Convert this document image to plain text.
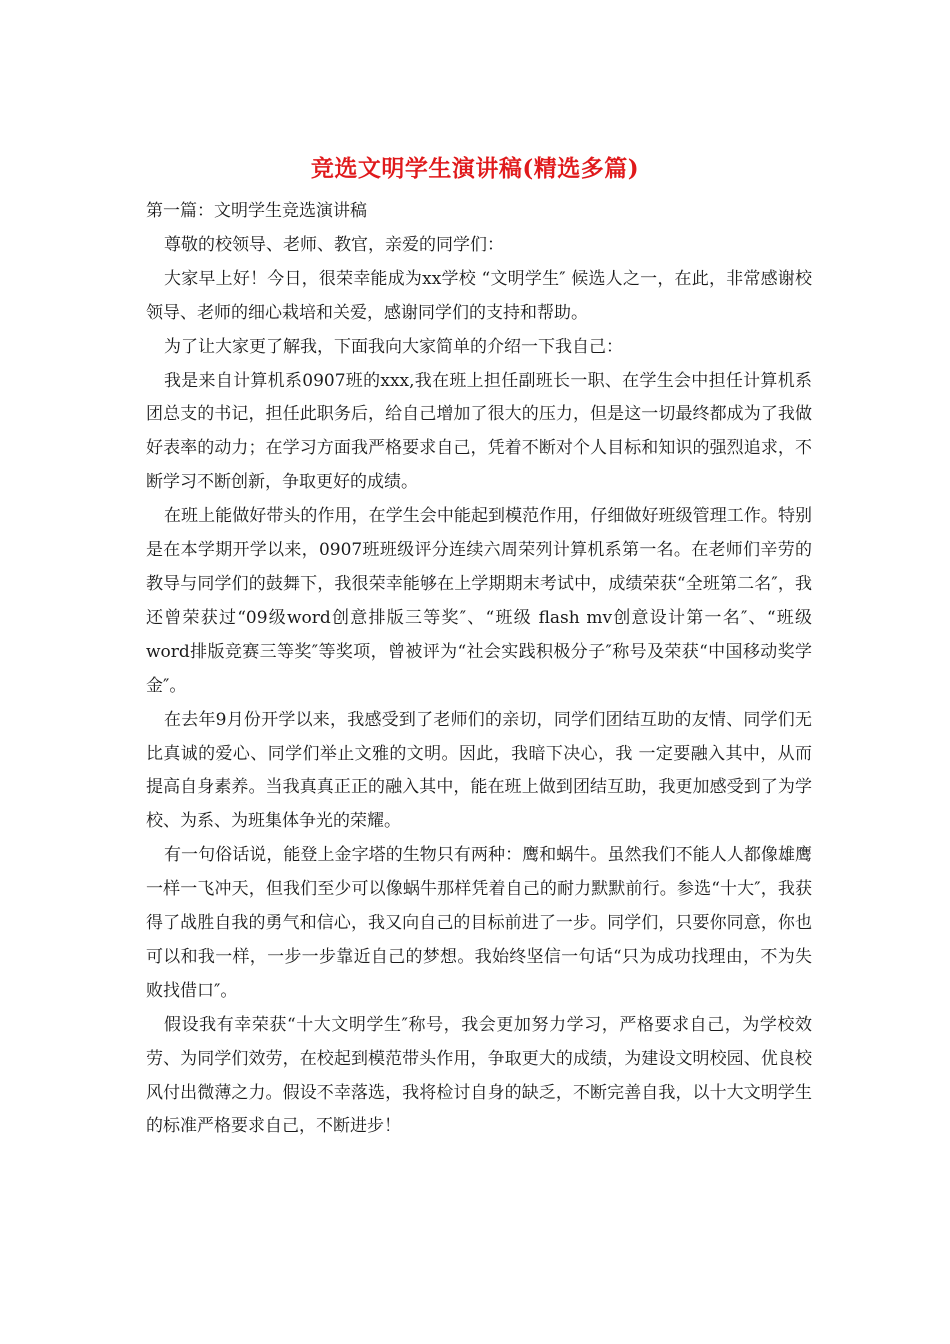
竞选文明学生演讲稿(精选多篇)

第一篇：文明学生竞选演讲稿

尊敬的校领导、老师、教官，亲爱的同学们：

大家早上好！今日，很荣幸能成为xx学校 “文明学生″ 候选人之一，在此，非常感谢校领导、老师的细心栽培和关爱，感谢同学们的支持和帮助。

为了让大家更了解我，下面我向大家简单的介绍一下我自己：

我是来自计算机系0907班的xxx,我在班上担任副班长一职、在学生会中担任计算机系团总支的书记，担任此职务后，给自己增加了很大的压力，但是这一切最终都成为了我做好表率的动力；在学习方面我严格要求自己，凭着不断对个人目标和知识的强烈追求，不断学习不断创新，争取更好的成绩。

在班上能做好带头的作用，在学生会中能起到模范作用，仔细做好班级管理工作。特别是在本学期开学以来，0907班班级评分连续六周荣列计算机系第一名。在老师们辛劳的教导与同学们的鼓舞下，我很荣幸能够在上学期期末考试中，成绩荣获“全班第二名″，我还曾荣获过“09级word创意排版三等奖″、“班级 flash mv创意设计第一名″、“班级 word排版竞赛三等奖″等奖项，曾被评为“社会实践积极分子″称号及荣获“中国移动奖学金″。

在去年9月份开学以来，我感受到了老师们的亲切，同学们团结互助的友情、同学们无比真诚的爱心、同学们举止文雅的文明。因此，我暗下决心，我 一定要融入其中，从而提高自身素养。当我真真正正的融入其中，能在班上做到团结互助，我更加感受到了为学校、为系、为班集体争光的荣耀。

有一句俗话说，能登上金字塔的生物只有两种：鹰和蜗牛。虽然我们不能人人都像雄鹰一样一飞冲天，但我们至少可以像蜗牛那样凭着自己的耐力默默前行。参选“十大″，我获得了战胜自我的勇气和信心，我又向自己的目标前进了一步。同学们，只要你同意，你也可以和我一样，一步一步靠近自己的梦想。我始终坚信一句话“只为成功找理由，不为失败找借口″。

假设我有幸荣获“十大文明学生″称号，我会更加努力学习，严格要求自己，为学校效劳、为同学们效劳，在校起到模范带头作用，争取更大的成绩，为建设文明校园、优良校风付出微薄之力。假设不幸落选，我将检讨自身的缺乏，不断完善自我，以十大文明学生的标准严格要求自己，不断进步！
